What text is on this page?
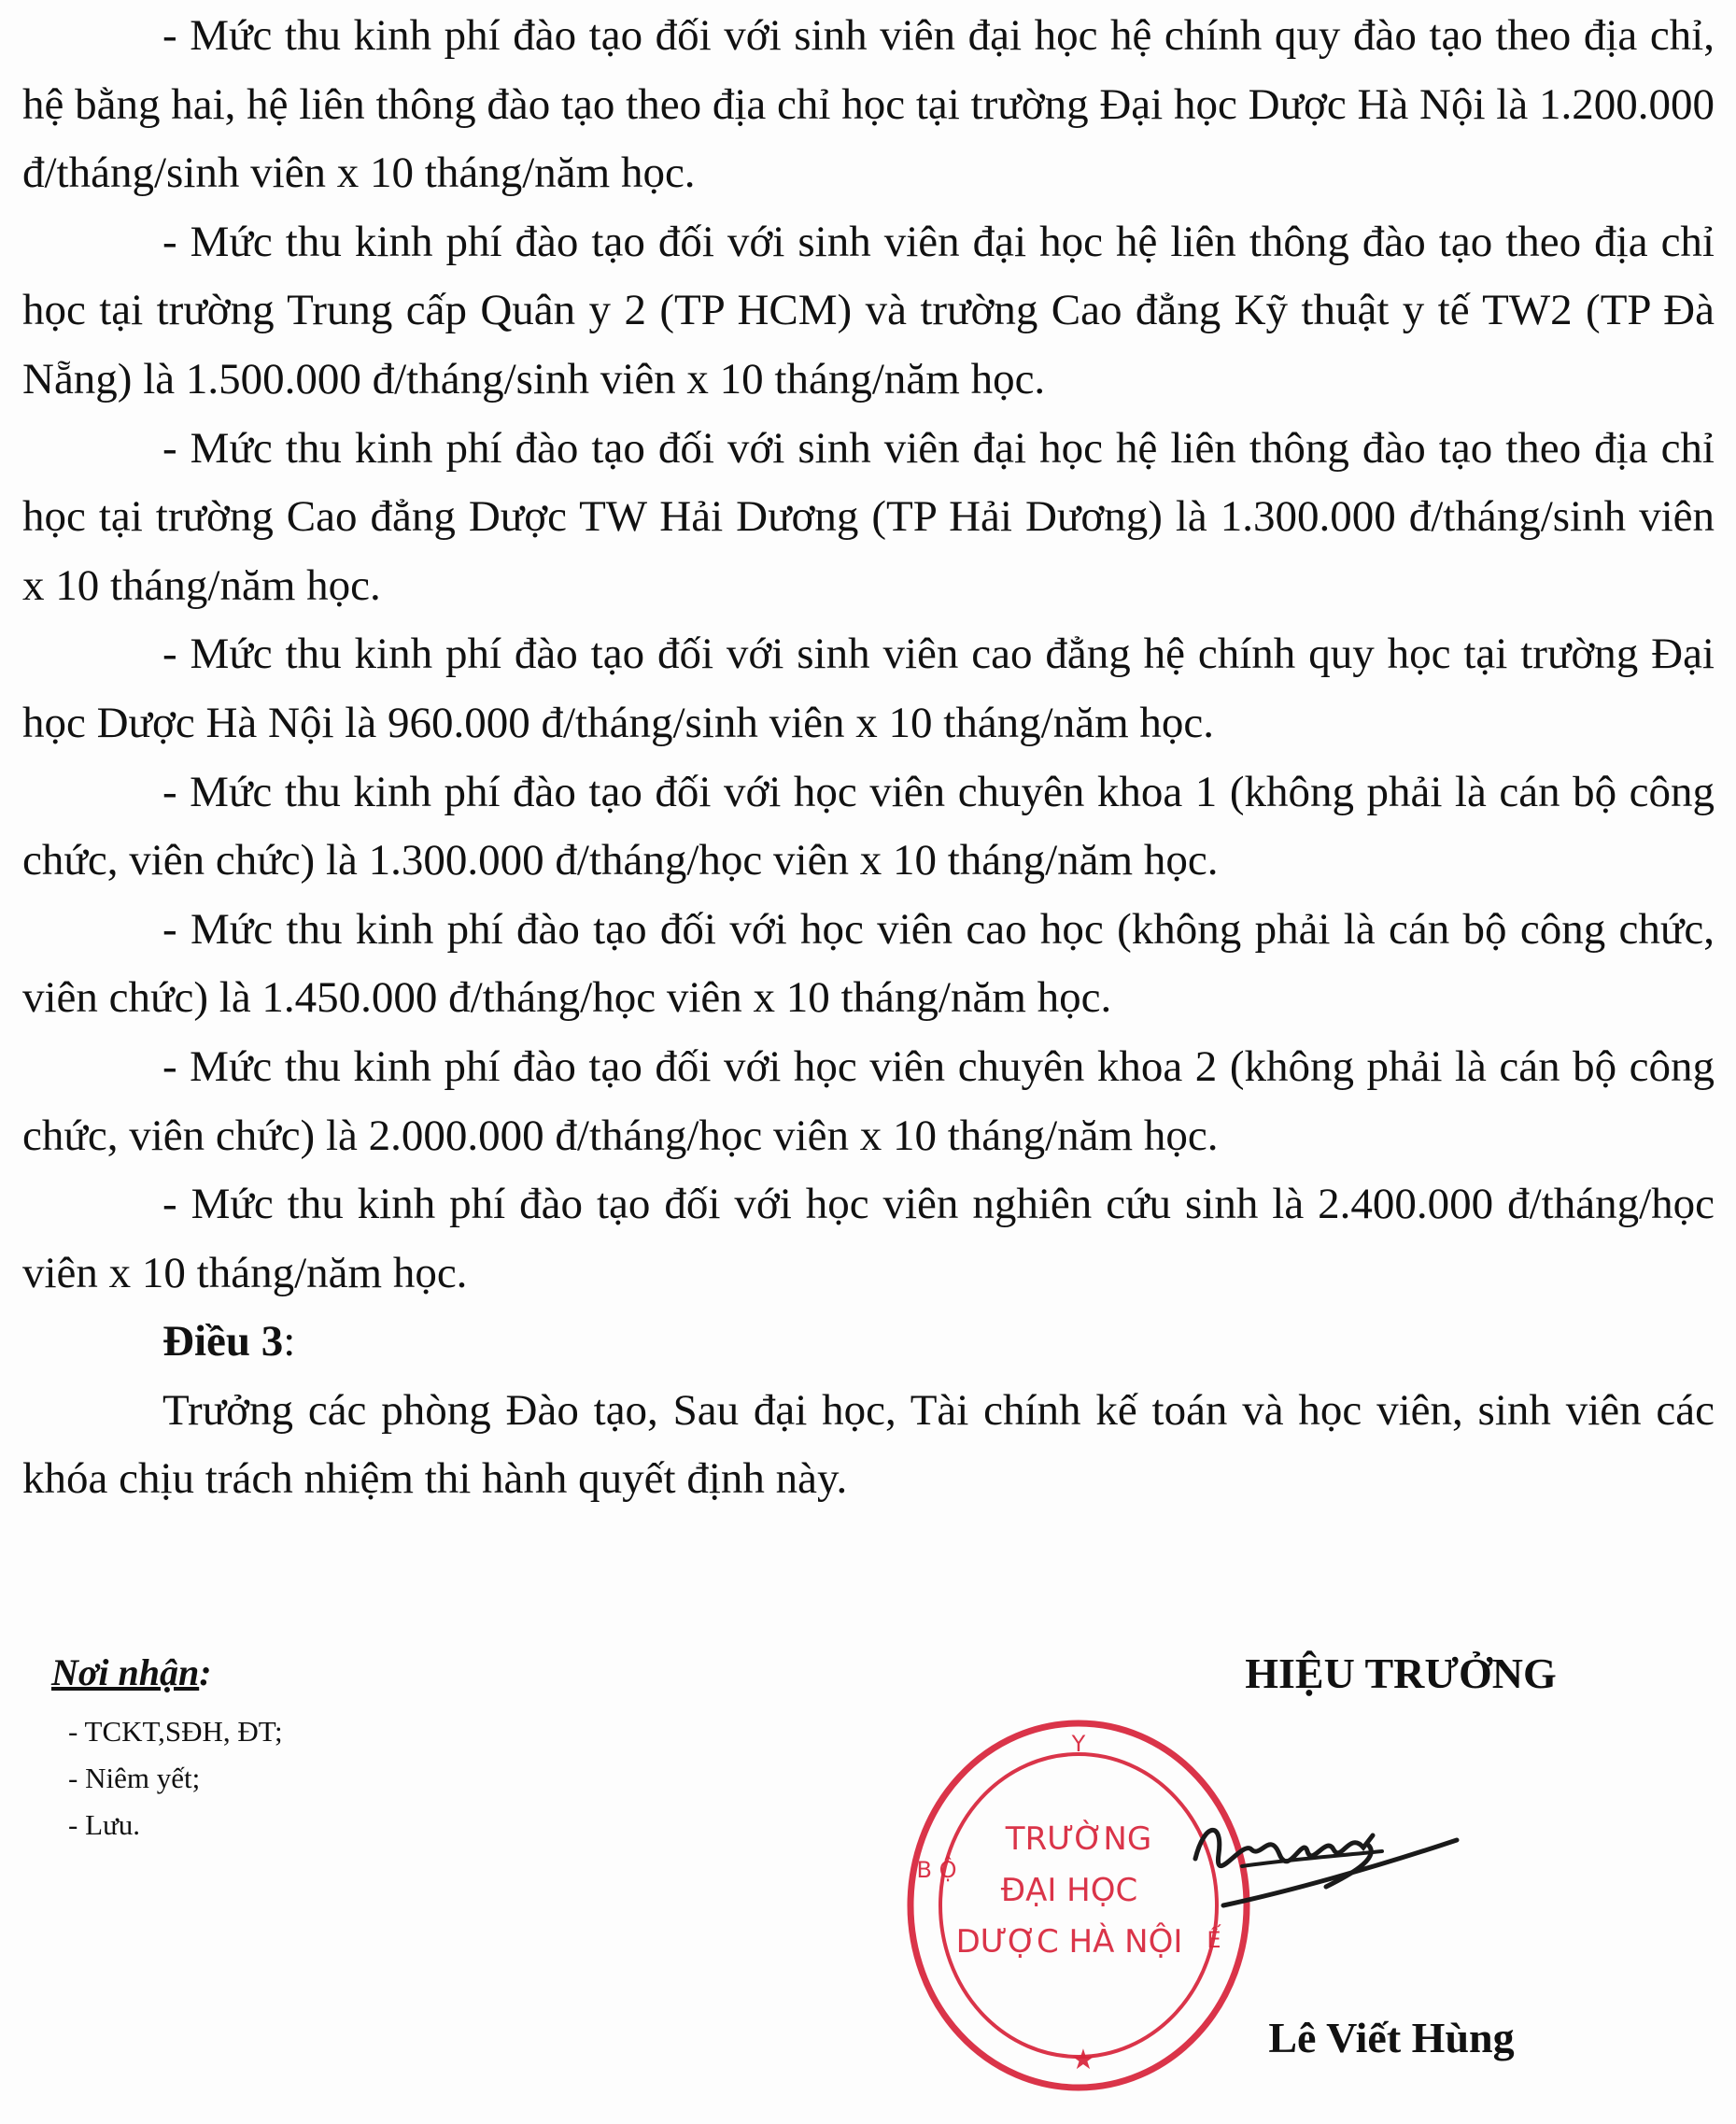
- Mức thu kinh phí đào tạo đối với sinh viên đại học hệ chính quy đào tạo theo địa chỉ, hệ bằng hai, hệ liên thông đào tạo theo địa chỉ học tại trường Đại học Dược Hà Nội là 1.200.000 đ/tháng/sinh viên x 10 tháng/năm học.

- Mức thu kinh phí đào tạo đối với sinh viên đại học hệ liên thông đào tạo theo địa chỉ học tại trường Trung cấp Quân y 2 (TP HCM) và trường Cao đẳng Kỹ thuật y tế TW2 (TP Đà Nẵng) là 1.500.000 đ/tháng/sinh viên x 10 tháng/năm học.

- Mức thu kinh phí đào tạo đối với sinh viên đại học hệ liên thông đào tạo theo địa chỉ học tại trường Cao đẳng Dược TW Hải Dương (TP Hải Dương) là 1.300.000 đ/tháng/sinh viên x 10 tháng/năm học.

- Mức thu kinh phí đào tạo đối với sinh viên cao đẳng hệ chính quy học tại trường Đại học Dược Hà Nội là 960.000 đ/tháng/sinh viên x 10 tháng/năm học.

- Mức thu kinh phí đào tạo đối với học viên chuyên khoa 1 (không phải là cán bộ công chức, viên chức) là 1.300.000 đ/tháng/học viên x 10 tháng/năm học.

- Mức thu kinh phí đào tạo đối với học viên cao học (không phải là cán bộ công chức, viên chức) là 1.450.000 đ/tháng/học viên x 10 tháng/năm học.

- Mức thu kinh phí đào tạo đối với học viên chuyên khoa 2 (không phải là cán bộ công chức, viên chức) là 2.000.000 đ/tháng/học viên x 10 tháng/năm học.

- Mức thu kinh phí đào tạo đối với học viên nghiên cứu sinh là 2.400.000 đ/tháng/học viên x 10 tháng/năm học.

Điều 3:

Trưởng các phòng Đào tạo, Sau đại học, Tài chính kế toán và học viên, sinh viên các khóa chịu trách nhiệm thi hành quyết định này.

Nơi nhận:
- TCKT,SĐH, ĐT;
- Niêm yết;
- Lưu.
HIỆU TRƯỞNG
TRƯỜNG
ĐẠI HỌC
DƯỢC HÀ NỘI
Y
B Ộ
Ế
★	Lê Viết Hùng
